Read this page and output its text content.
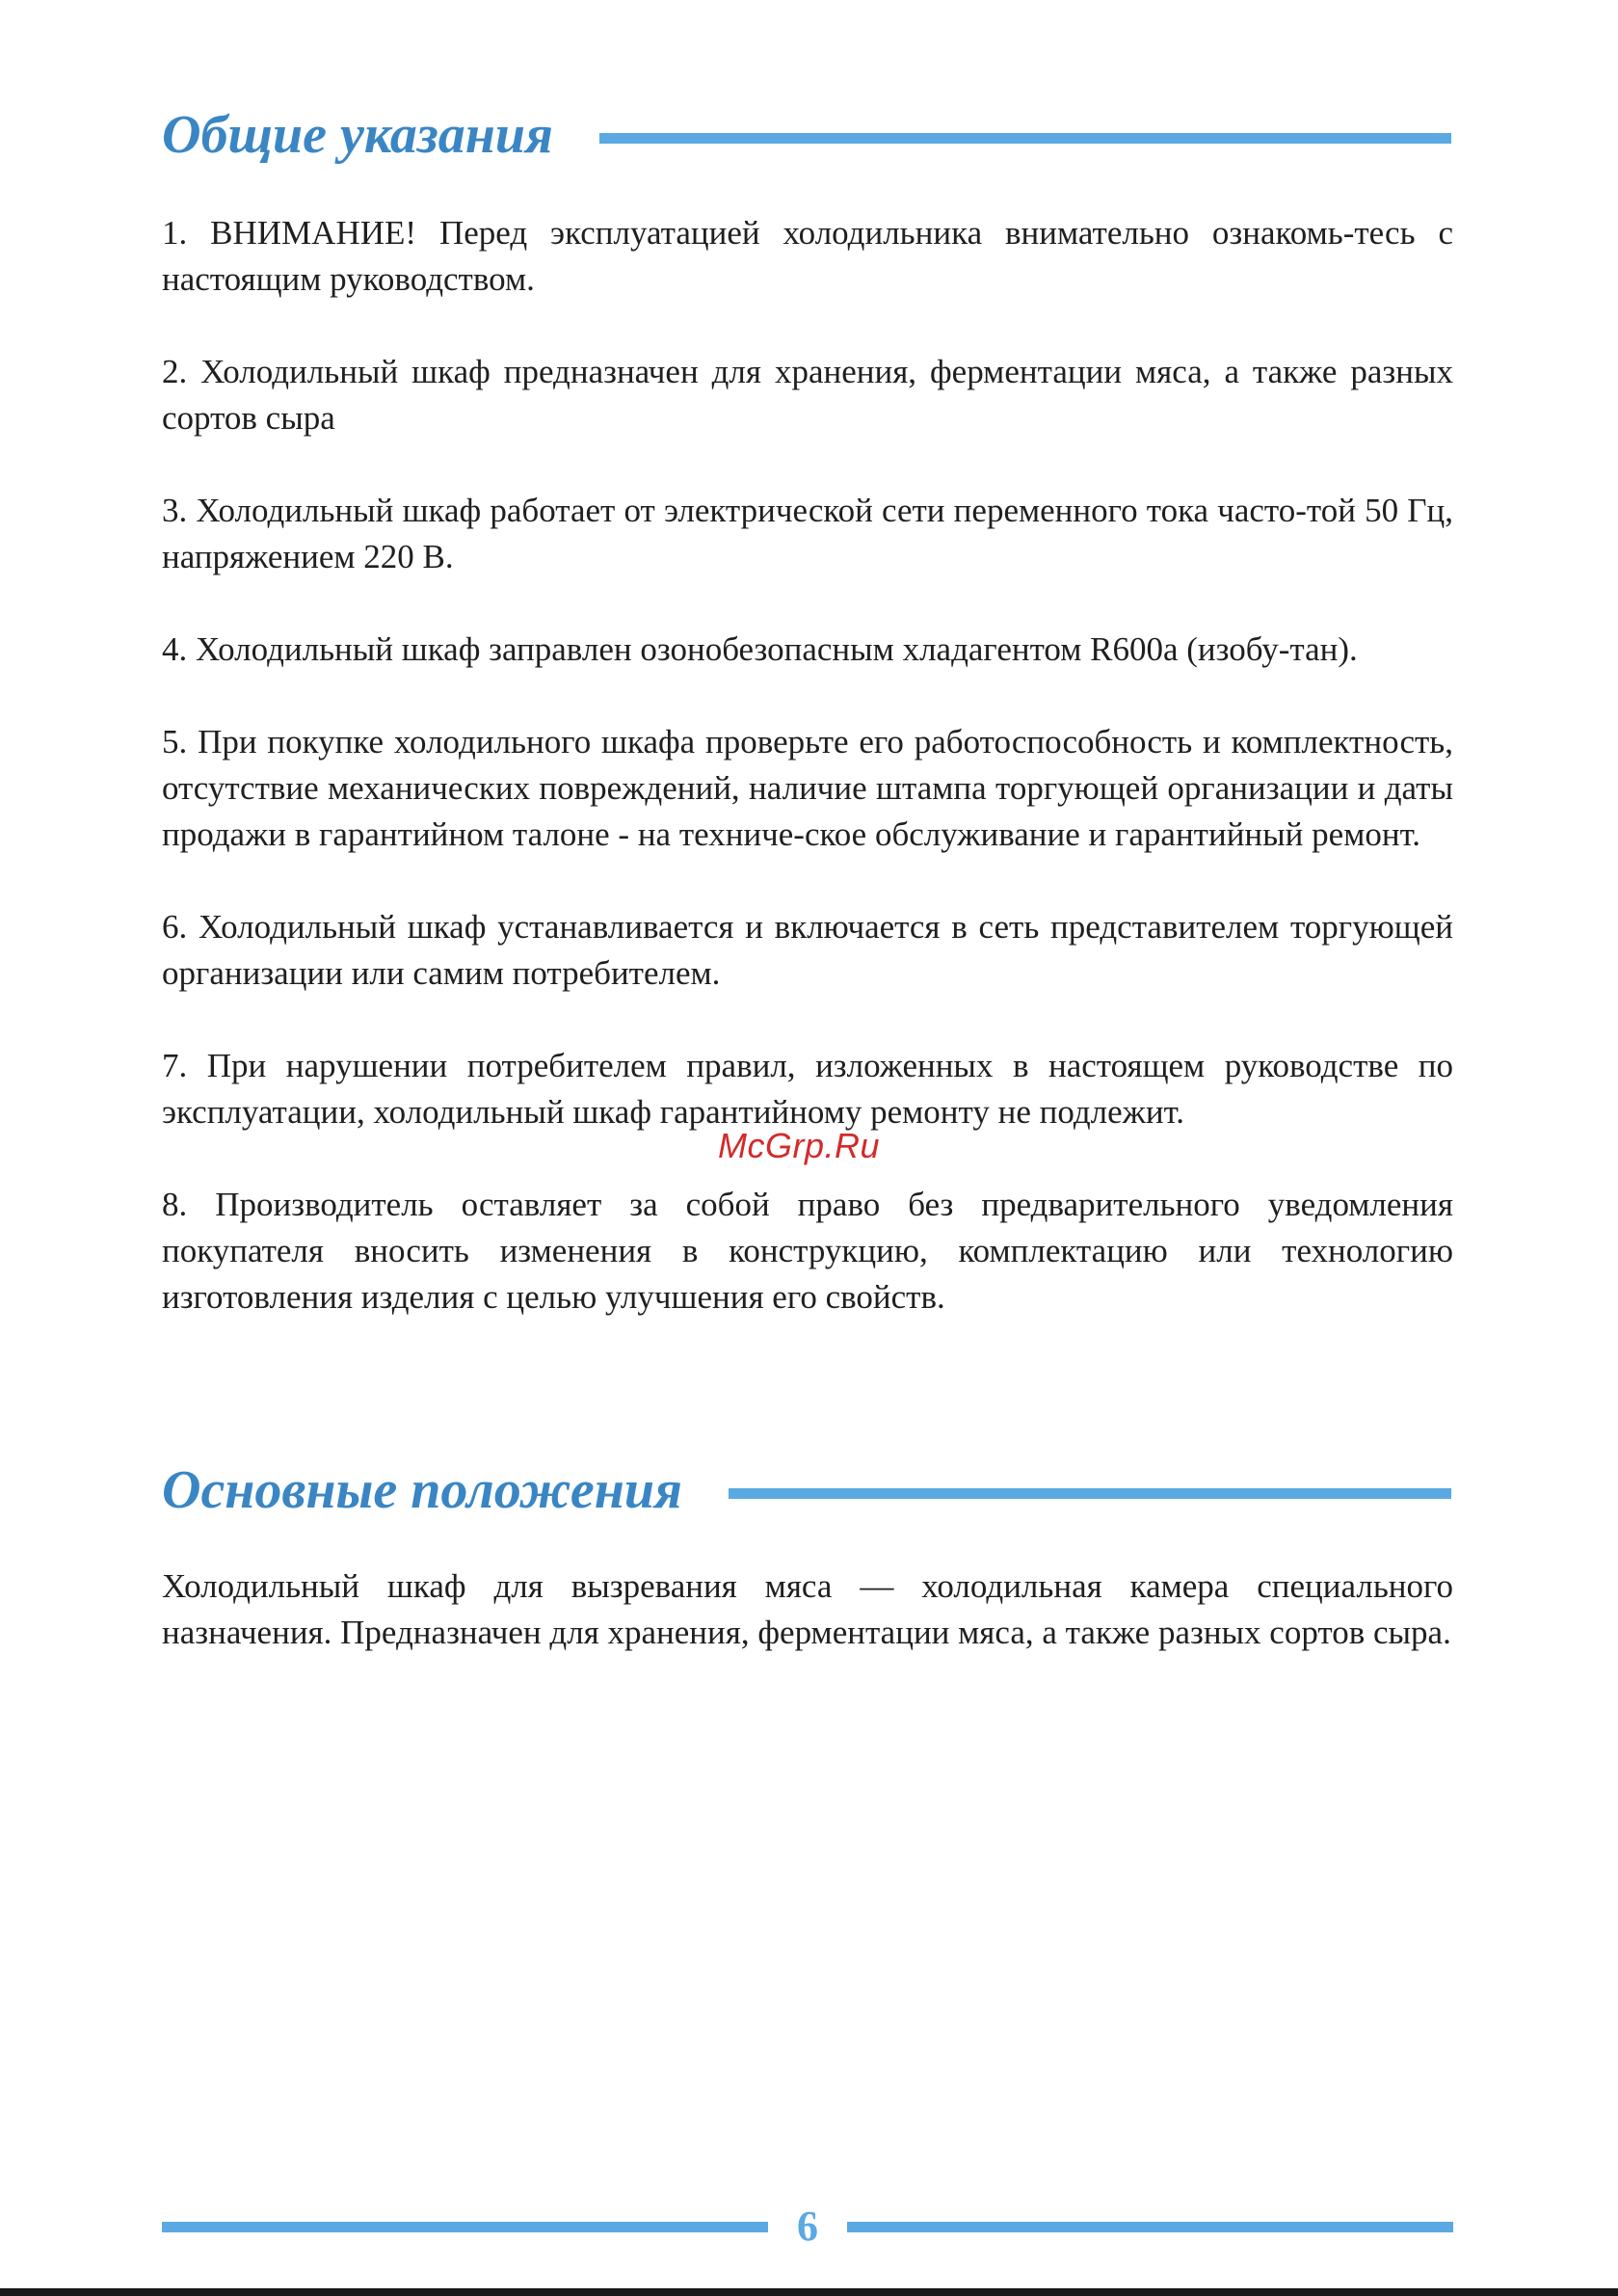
Общие указания

1. ВНИМАНИЕ! Перед эксплуатацией холодильника внимательно ознакомь-тесь с настоящим руководством.

2. Холодильный шкаф предназначен для хранения, ферментации мяса, а также разных сортов сыра

3. Холодильный шкаф работает от электрической сети переменного тока часто-той 50 Гц, напряжением 220 В.

4. Холодильный шкаф заправлен озонобезопасным хладагентом R600a (изобу-тан).

5. При покупке холодильного шкафа проверьте его работоспособность и комплектность, отсутствие механических повреждений, наличие штампа торгующей организации и даты продажи в гарантийном талоне - на техниче-ское обслуживание и гарантийный ремонт.

6. Холодильный шкаф устанавливается и включается в сеть представителем торгующей организации или самим потребителем.

7. При нарушении потребителем правил, изложенных в настоящем руководстве по эксплуатации, холодильный шкаф гарантийному ремонту не подлежит.

8. Производитель оставляет за собой право без предварительного уведомления покупателя вносить изменения в конструкцию, комплектацию или технологию изготовления изделия с целью улучшения его свойств.

McGrp.Ru
Основные положения

Холодильный шкаф для вызревания мяса — холодильная камера специального назначения. Предназначен для хранения, ферментации мяса, а также разных сортов сыра.

6
